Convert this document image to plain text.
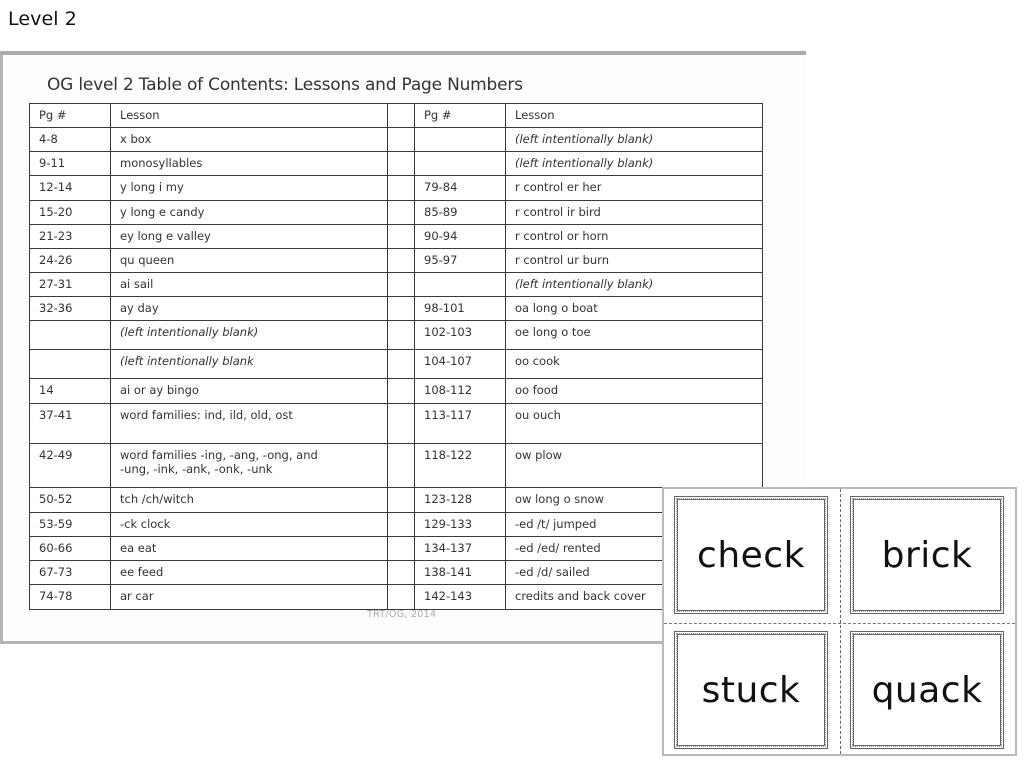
Level 2
OG level 2 Table of Contents: Lessons and Page Numbers
Pg #	Lesson		Pg #	Lesson
4-8	x box			(left intentionally blank)
9-11	monosyllables			(left intentionally blank)
12-14	y long i my		79-84	r control er her
15-20	y long e candy		85-89	r control ir bird
21-23	ey long e valley		90-94	r control or horn
24-26	qu queen		95-97	r control ur burn
27-31	ai sail			(left intentionally blank)
32-36	ay day		98-101	oa long o boat
	(left intentionally blank)		102-103	oe long o toe
	(left intentionally blank		104-107	oo cook
14	ai or ay bingo		108-112	oo food
37-41	word families: ind, ild, old, ost		113-117	ou ouch
42-49	word families -ing, -ang, -ong, and
-ung, -ink, -ank, -onk, -unk		118-122	ow plow
50-52	tch /ch/witch		123-128	ow long o snow
53-59	-ck clock		129-133	-ed /t/ jumped
60-66	ea eat		134-137	-ed /ed/ rented
67-73	ee feed		138-141	-ed /d/ sailed
74-78	ar car		142-143	credits and back cover
TRT/OG, 2014
check	brick
stuck	quack
